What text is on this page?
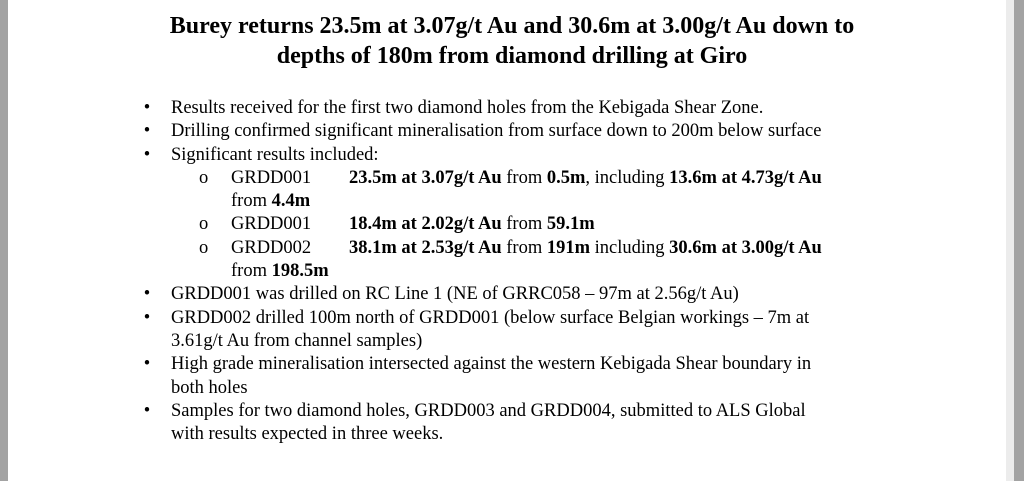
Burey returns 23.5m at 3.07g/t Au and 30.6m at 3.00g/t Au down to
depths of 180m from diamond drilling at Giro
• Results received for the first two diamond holes from the Kebigada Shear Zone.
• Drilling confirmed significant mineralisation from surface down to 200m below surface
• Significant results included:
o GRDD001 23.5m at 3.07g/t Au from 0.5m, including 13.6m at 4.73g/t Au
from 4.4m
o GRDD001 18.4m at 2.02g/t Au from 59.1m
o GRDD002 38.1m at 2.53g/t Au from 191m including 30.6m at 3.00g/t Au
from 198.5m
• GRDD001 was drilled on RC Line 1 (NE of GRRC058 – 97m at 2.56g/t Au)
• GRDD002 drilled 100m north of GRDD001 (below surface Belgian workings – 7m at
3.61g/t Au from channel samples)
• High grade mineralisation intersected against the western Kebigada Shear boundary in
both holes
• Samples for two diamond holes, GRDD003 and GRDD004, submitted to ALS Global
with results expected in three weeks.
